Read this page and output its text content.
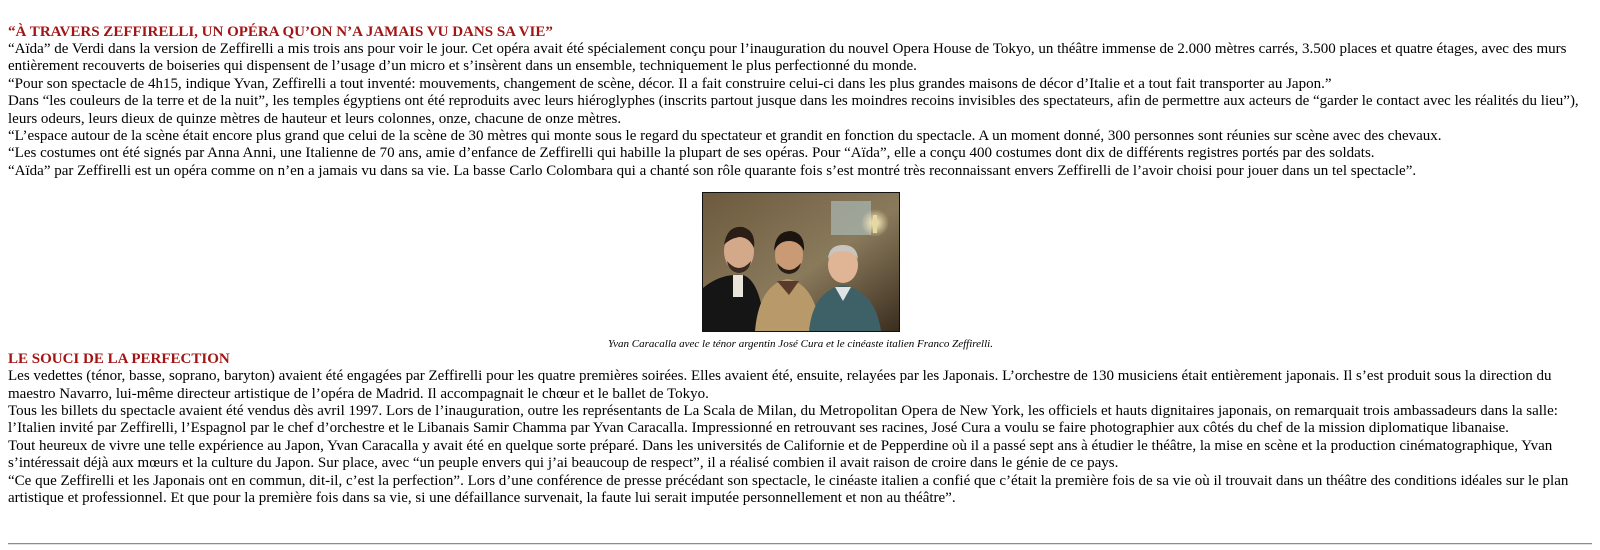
“À TRAVERS ZEFFIRELLI, UN OPÉRA QU’ON N’A JAMAIS VU DANS SA VIE”

“Aïda” de Verdi dans la version de Zeffirelli a mis trois ans pour voir le jour. Cet opéra avait été spécialement conçu pour l’inauguration du nouvel Opera House de Tokyo, un théâtre immense de 2.000 mètres carrés, 3.500 places et quatre étages, avec des murs entièrement recouverts de boiseries qui dispensent de l’usage d’un micro et s’insèrent dans un ensemble, techniquement le plus perfectionné du monde.

“Pour son spectacle de 4h15, indique Yvan, Zeffirelli a tout inventé: mouvements, changement de scène, décor. Il a fait construire celui-ci dans les plus grandes maisons de décor d’Italie et a tout fait transporter au Japon.”

Dans “les couleurs de la terre et de la nuit”, les temples égyptiens ont été reproduits avec leurs hiéroglyphes (inscrits partout jusque dans les moindres recoins invisibles des spectateurs, afin de permettre aux acteurs de “garder le contact avec les réalités du lieu”), leurs odeurs, leurs dieux de quinze mètres de hauteur et leurs colonnes, onze, chacune de onze mètres.

“L’espace autour de la scène était encore plus grand que celui de la scène de 30 mètres qui monte sous le regard du spectateur et grandit en fonction du spectacle. A un moment donné, 300 personnes sont réunies sur scène avec des chevaux.

“Les costumes ont été signés par Anna Anni, une Italienne de 70 ans, amie d’enfance de Zeffirelli qui habille la plupart de ses opéras. Pour “Aïda”, elle a conçu 400 costumes dont dix de différents registres portés par des soldats.

“Aïda” par Zeffirelli est un opéra comme on n’en a jamais vu dans sa vie. La basse Carlo Colombara qui a chanté son rôle quarante fois s’est montré très reconnaissant envers Zeffirelli de l’avoir choisi pour jouer dans un tel spectacle”.

Yvan Caracalla avec le ténor argentin José Cura et le cinéaste italien Franco Zeffirelli.
LE SOUCI DE LA PERFECTION

Les vedettes (ténor, basse, soprano, baryton) avaient été engagées par Zeffirelli pour les quatre premières soirées. Elles avaient été, ensuite, relayées par les Japonais. L’orchestre de 130 musiciens était entièrement japonais. Il s’est produit sous la direction du maestro Navarro, lui-même directeur artistique de l’opéra de Madrid. Il accompagnait le chœur et le ballet de Tokyo.

Tous les billets du spectacle avaient été vendus dès avril 1997. Lors de l’inauguration, outre les représentants de La Scala de Milan, du Metropolitan Opera de New York, les officiels et hauts dignitaires japonais, on remarquait trois ambassadeurs dans la salle: l’Italien invité par Zeffirelli, l’Espagnol par le chef d’orchestre et le Libanais Samir Chamma par Yvan Caracalla. Impressionné en retrouvant ses racines, José Cura a voulu se faire photographier aux côtés du chef de la mission diplomatique libanaise.

Tout heureux de vivre une telle expérience au Japon, Yvan Caracalla y avait été en quelque sorte préparé. Dans les universités de Californie et de Pepperdine où il a passé sept ans à étudier le théâtre, la mise en scène et la production cinématographique, Yvan s’intéressait déjà aux mœurs et la culture du Japon. Sur place, avec “un peuple envers qui j’ai beaucoup de respect”, il a réalisé combien il avait raison de croire dans le génie de ce pays.

“Ce que Zeffirelli et les Japonais ont en commun, dit-il, c’est la perfection”. Lors d’une conférence de presse précédant son spectacle, le cinéaste italien a confié que c’était la première fois de sa vie où il trouvait dans un théâtre des conditions idéales sur le plan artistique et professionnel. Et que pour la première fois dans sa vie, si une défaillance survenait, la faute lui serait imputée personnellement et non au théâtre”.
